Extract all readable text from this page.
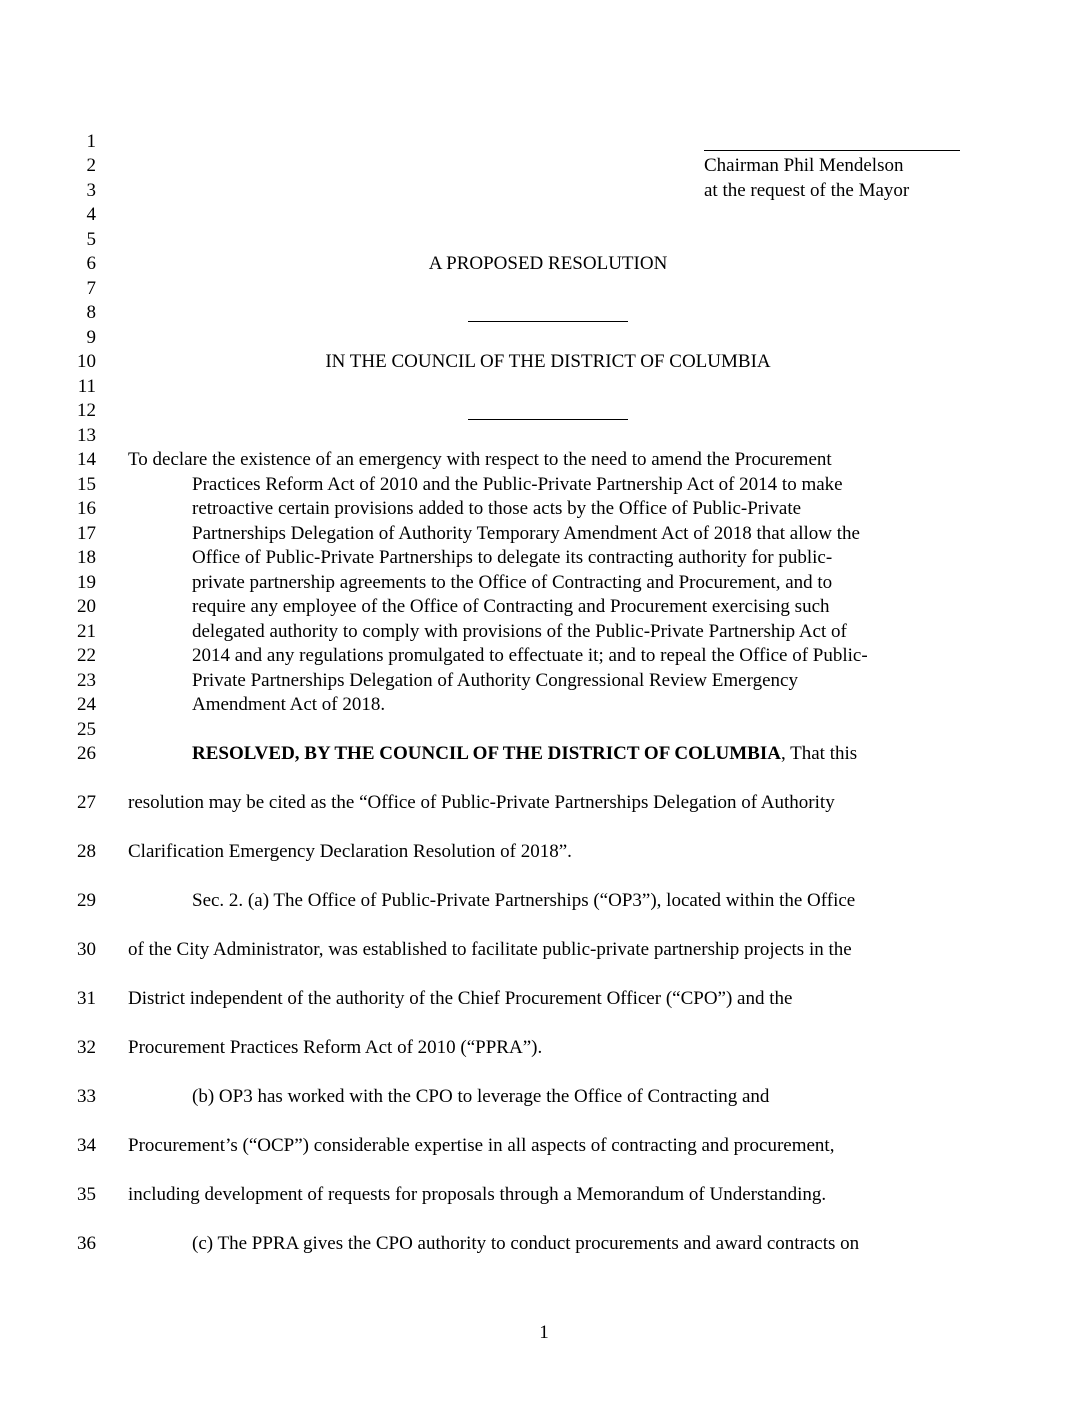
1
2
3
4
5
6
7
8
9
10
11
12
13
14
15
16
17
18
19
20
21
22
23
24
25
26
27
28
29
30
31
32
33
34
35
36
Chairman Phil Mendelson
at the request of the Mayor
A PROPOSED RESOLUTION
IN THE COUNCIL OF THE DISTRICT OF COLUMBIA
To declare the existence of an emergency with respect to the need to amend the Procurement
Practices Reform Act of 2010 and the Public-Private Partnership Act of 2014 to make
retroactive certain provisions added to those acts by the Office of Public-Private
Partnerships Delegation of Authority Temporary Amendment Act of 2018 that allow the
Office of Public-Private Partnerships to delegate its contracting authority for public-
private partnership agreements to the Office of Contracting and Procurement, and to
require any employee of the Office of Contracting and Procurement exercising such
delegated authority to comply with provisions of the Public-Private Partnership Act of
2014 and any regulations promulgated to effectuate it; and to repeal the Office of Public-
Private Partnerships Delegation of Authority Congressional Review Emergency
Amendment Act of 2018.
RESOLVED, BY THE COUNCIL OF THE DISTRICT OF COLUMBIA, That this
resolution may be cited as the “Office of Public-Private Partnerships Delegation of Authority
Clarification Emergency Declaration Resolution of 2018”.
Sec. 2. (a) The Office of Public-Private Partnerships (“OP3”), located within the Office
of the City Administrator, was established to facilitate public-private partnership projects in the
District independent of the authority of the Chief Procurement Officer (“CPO”) and the
Procurement Practices Reform Act of 2010 (“PPRA”).
(b) OP3 has worked with the CPO to leverage the Office of Contracting and
Procurement’s (“OCP”) considerable expertise in all aspects of contracting and procurement,
including development of requests for proposals through a Memorandum of Understanding.
(c) The PPRA gives the CPO authority to conduct procurements and award contracts on
1
